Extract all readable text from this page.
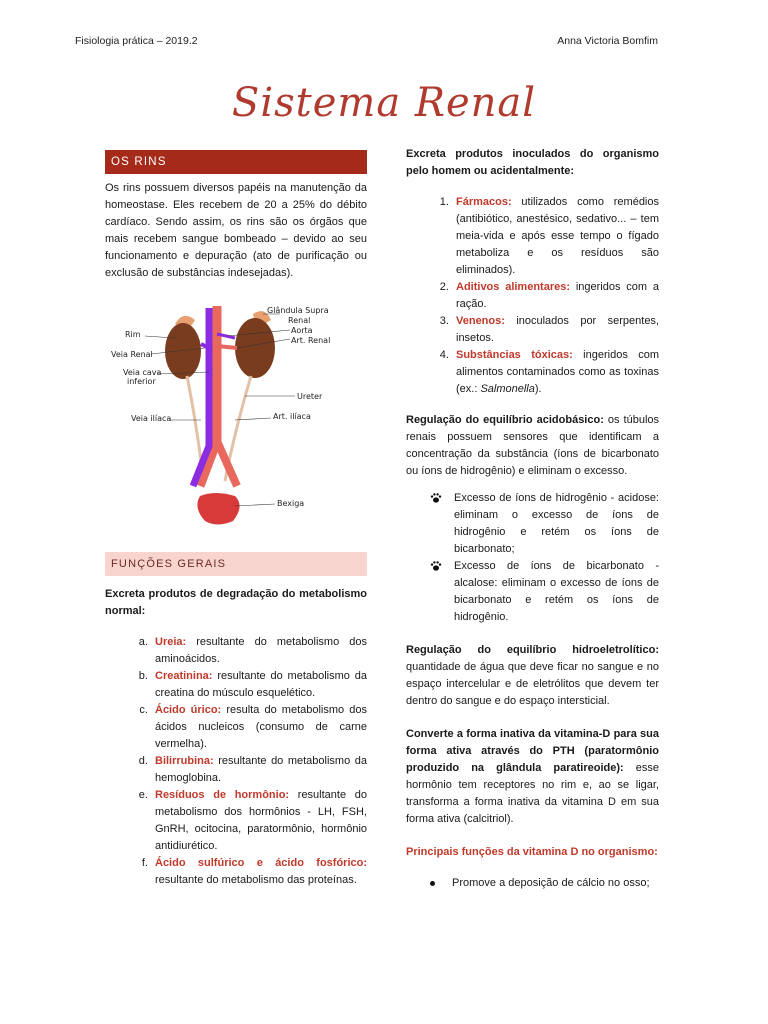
Fisiologia prática – 2019.2	Anna Victoria Bomfim
Sistema Renal
OS RINS

Os rins possuem diversos papéis na manutenção da homeostase. Eles recebem de 20 a 25% do débito cardíaco. Sendo assim, os rins são os órgãos que mais recebem sangue bombeado – devido ao seu funcionamento e depuração (ato de purificação ou exclusão de substâncias indesejadas).

Glândula Supra
Renal
Rim	Aorta
Art. Renal
Veia Renal
Veia cava
inferior
Ureter
Veia ilíaca	Art. ilíaca
Bexiga
FUNÇÕES GERAIS

Excreta produtos de degradação do metabolismo normal:

a. Ureia: resultante do metabolismo dos aminoácidos.
b. Creatinina: resultante do metabolismo da creatina do músculo esquelético.
c. Ácido úrico: resulta do metabolismo dos ácidos nucleicos (consumo de carne vermelha).
d. Bilirrubina: resultante do metabolismo da hemoglobina.
e. Resíduos de hormônio: resultante do metabolismo dos hormônios - LH, FSH, GnRH, ocitocina, paratormônio, hormônio antidiurético.
f. Ácido sulfúrico e ácido fosfórico: resultante do metabolismo das proteínas.

Excreta produtos inoculados do organismo pelo homem ou acidentalmente:

1. Fármacos: utilizados como remédios (antibiótico, anestésico, sedativo... – tem meia-vida e após esse tempo o fígado metaboliza e os resíduos são eliminados).
2. Aditivos alimentares: ingeridos com a ração.
3. Venenos: inoculados por serpentes, insetos.
4. Substâncias tóxicas: ingeridos com alimentos contaminados como as toxinas (ex.: Salmonella).

Regulação do equilíbrio acidobásico: os túbulos renais possuem sensores que identificam a concentração da substância (íons de bicarbonato ou íons de hidrogênio) e eliminam o excesso.

Excesso de íons de hidrogênio - acidose: eliminam o excesso de íons de hidrogênio e retém os íons de bicarbonato;
Excesso de íons de bicarbonato - alcalose: eliminam o excesso de íons de bicarbonato e retém os íons de hidrogênio.

Regulação do equilíbrio hidroeletrolítico: quantidade de água que deve ficar no sangue e no espaço intercelular e de eletrólitos que devem ter dentro do sangue e do espaço intersticial.

Converte a forma inativa da vitamina-D para sua forma ativa através do PTH (paratormônio produzido na glândula paratireoide): esse hormônio tem receptores no rim e, ao se ligar, transforma a forma inativa da vitamina D em sua forma ativa (calcitriol).

Principais funções da vitamina D no organismo:

Promove a deposição de cálcio no osso;
